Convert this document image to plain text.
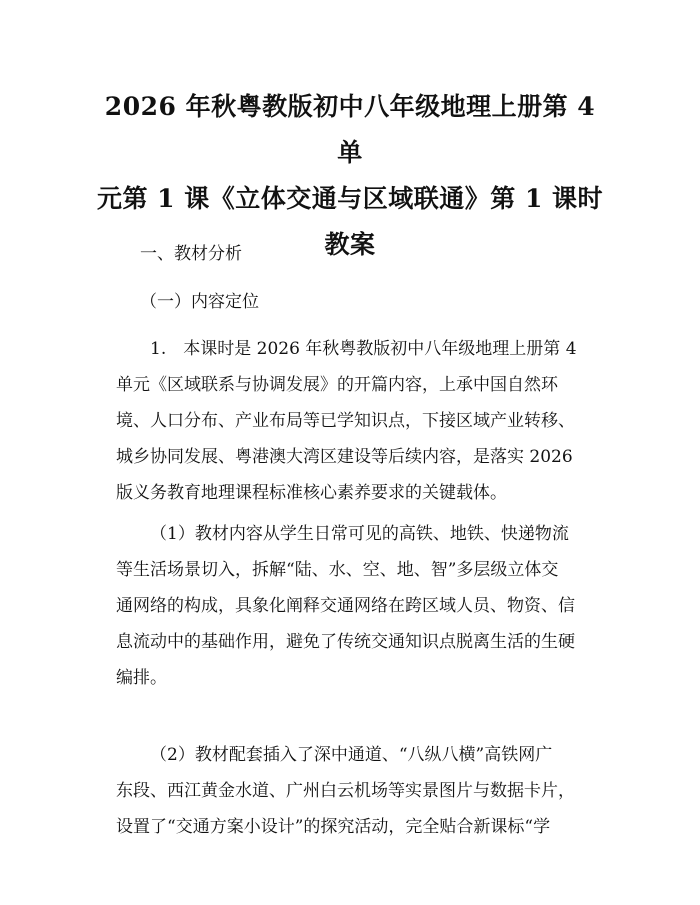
2026 年秋粤教版初中八年级地理上册第 4 单
元第 1 课《立体交通与区域联通》第 1 课时
教案
一、教材分析
（一）内容定位
1.　本课时是 2026 年秋粤教版初中八年级地理上册第 4
单元《区域联系与协调发展》的开篇内容，上承中国自然环
境、人口分布、产业布局等已学知识点，下接区域产业转移、
城乡协同发展、粤港澳大湾区建设等后续内容，是落实 2026
版义务教育地理课程标准核心素养要求的关键载体。
（1）教材内容从学生日常可见的高铁、地铁、快递物流
等生活场景切入，拆解“陆、水、空、地、智”多层级立体交
通网络的构成，具象化阐释交通网络在跨区域人员、物资、信
息流动中的基础作用，避免了传统交通知识点脱离生活的生硬
编排。
（2）教材配套插入了深中通道、“八纵八横”高铁网广
东段、西江黄金水道、广州白云机场等实景图片与数据卡片，
设置了“交通方案小设计”的探究活动，完全贴合新课标“学
